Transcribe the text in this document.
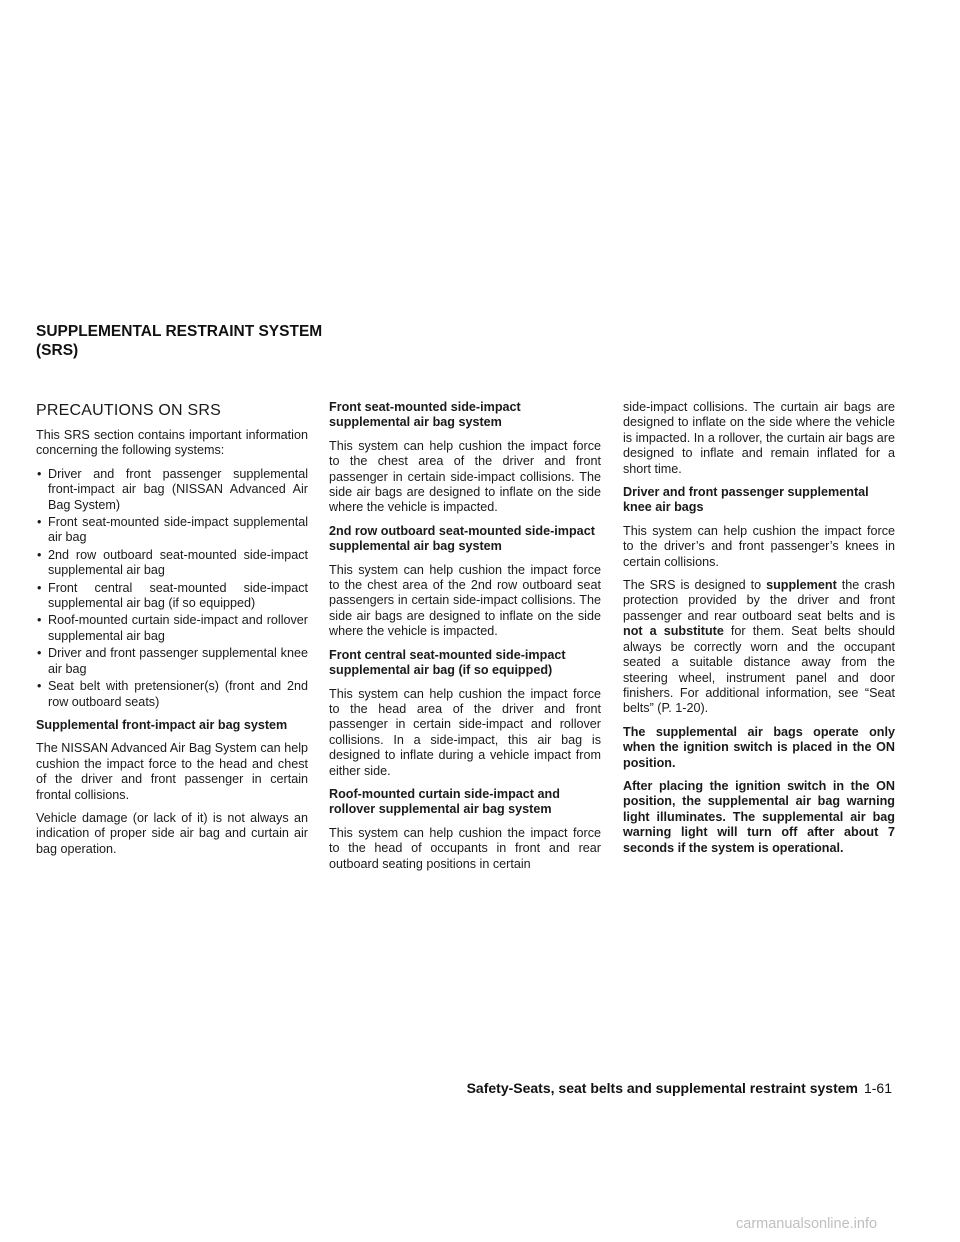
SUPPLEMENTAL RESTRAINT SYSTEM
(SRS)
PRECAUTIONS ON SRS

This SRS section contains important information concerning the following systems:

• Driver and front passenger supplemental front-impact air bag (NISSAN Advanced Air Bag System)
• Front seat-mounted side-impact supplemental air bag
• 2nd row outboard seat-mounted side-impact supplemental air bag
• Front central seat-mounted side-impact supplemental air bag (if so equipped)
• Roof-mounted curtain side-impact and rollover supplemental air bag
• Driver and front passenger supplemental knee air bag
• Seat belt with pretensioner(s) (front and 2nd row outboard seats)

Supplemental front-impact air bag system

The NISSAN Advanced Air Bag System can help cushion the impact force to the head and chest of the driver and front passenger in certain frontal collisions.

Vehicle damage (or lack of it) is not always an indication of proper side air bag and curtain air bag operation.

Front seat-mounted side-impact supplemental air bag system

This system can help cushion the impact force to the chest area of the driver and front passenger in certain side-impact collisions. The side air bags are designed to inflate on the side where the vehicle is impacted.

2nd row outboard seat-mounted side-impact supplemental air bag system

This system can help cushion the impact force to the chest area of the 2nd row outboard seat passengers in certain side-impact collisions. The side air bags are designed to inflate on the side where the vehicle is impacted.

Front central seat-mounted side-impact supplemental air bag (if so equipped)

This system can help cushion the impact force to the head area of the driver and front passenger in certain side-impact and rollover collisions. In a side-impact, this air bag is designed to inflate during a vehicle impact from either side.

Roof-mounted curtain side-impact and rollover supplemental air bag system

This system can help cushion the impact force to the head of occupants in front and rear outboard seating positions in certain

side-impact collisions. The curtain air bags are designed to inflate on the side where the vehicle is impacted. In a rollover, the curtain air bags are designed to inflate and remain inflated for a short time.

Driver and front passenger supplemental knee air bags

This system can help cushion the impact force to the driver’s and front passenger’s knees in certain collisions.

The SRS is designed to supplement the crash protection provided by the driver and front passenger and rear outboard seat belts and is not a substitute for them. Seat belts should always be correctly worn and the occupant seated a suitable distance away from the steering wheel, instrument panel and door finishers. For additional information, see “Seat belts” (P. 1-20).

The supplemental air bags operate only when the ignition switch is placed in the ON position.

After placing the ignition switch in the ON position, the supplemental air bag warning light illuminates. The supplemental air bag warning light will turn off after about 7 seconds if the system is operational.

Safety-Seats, seat belts and supplemental restraint system 1-61
carmanualsonline.info
